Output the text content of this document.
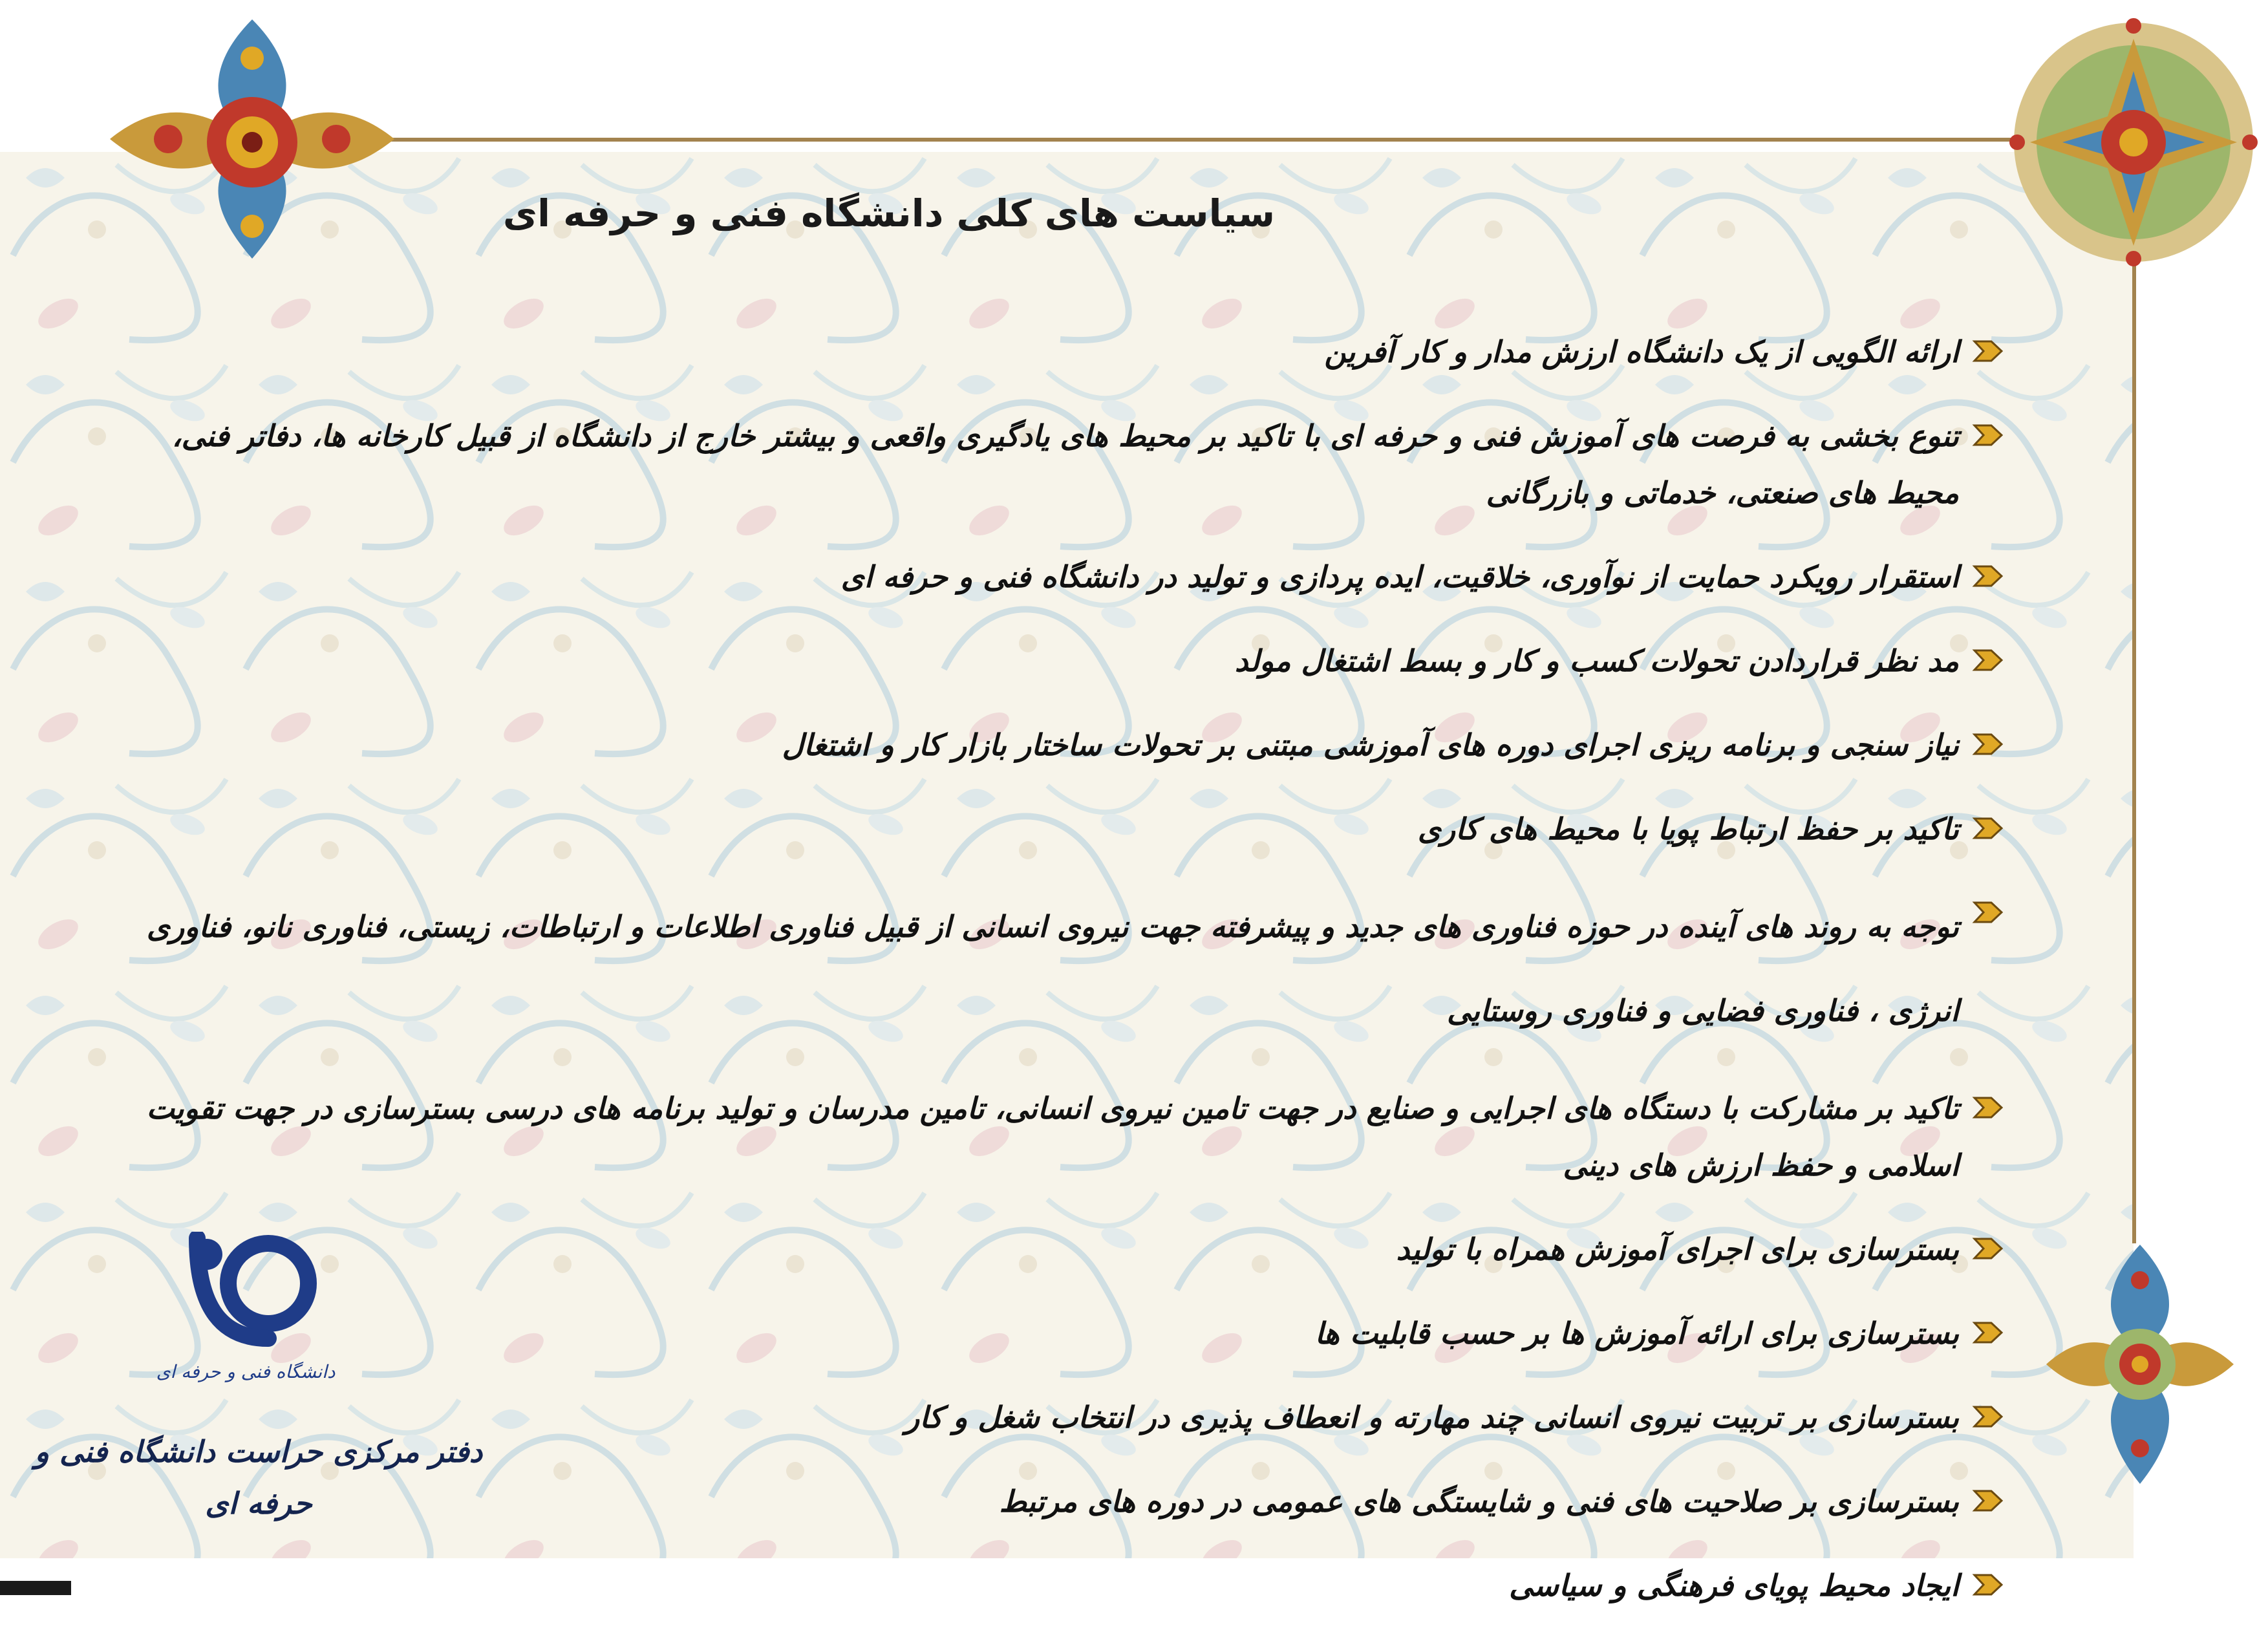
سیاست های کلی دانشگاه فنی و حرفه ای
ارائه الگویی از یک دانشگاه ارزش مدار و کار آفرین
تنوع بخشی به فرصت های آموزش فنی و حرفه ای با تاکید بر محیط های یادگیری واقعی و بیشتر خارج از دانشگاه از قبیل کارخانه ها، دفاتر فنی، محیط های صنعتی، خدماتی و بازرگانی
استقرار رویکرد حمایت از نوآوری، خلاقیت، ایده پردازی و تولید در دانشگاه فنی و حرفه ای
مد نظر قراردادن تحولات کسب و کار و بسط اشتغال مولد
نیاز سنجی و برنامه ریزی اجرای دوره های آموزشی مبتنی بر تحولات ساختار بازار کار و اشتغال
تاکید بر حفظ ارتباط پویا با محیط های کاری
توجه به روند های آینده در حوزه فناوری های جدید و پیشرفته جهت نیروی انسانی از قبیل فناوری اطلاعات و ارتباطات، زیستی، فناوری نانو، فناوری انرژی ، فناوری فضایی و فناوری روستایی
تاکید بر مشارکت با دستگاه های اجرایی و صنایع در جهت تامین نیروی انسانی، تامین مدرسان و تولید برنامه های درسی بسترسازی در جهت تقویت اسلامی و حفظ ارزش های دینی
بسترسازی برای اجرای آموزش همراه با تولید
بسترسازی برای ارائه آموزش ها بر حسب قابلیت ها
بسترسازی بر تربیت نیروی انسانی چند مهارته و انعطاف پذیری در انتخاب شغل و کار
بسترسازی بر صلاحیت های فنی و شایستگی های عمومی در دوره های مرتبط
ایجاد محیط پویای فرهنگی و سیاسی
دانشگاه فنی و حرفه ای
دفتر مرکزی حراست دانشگاه فنی و حرفه ای
